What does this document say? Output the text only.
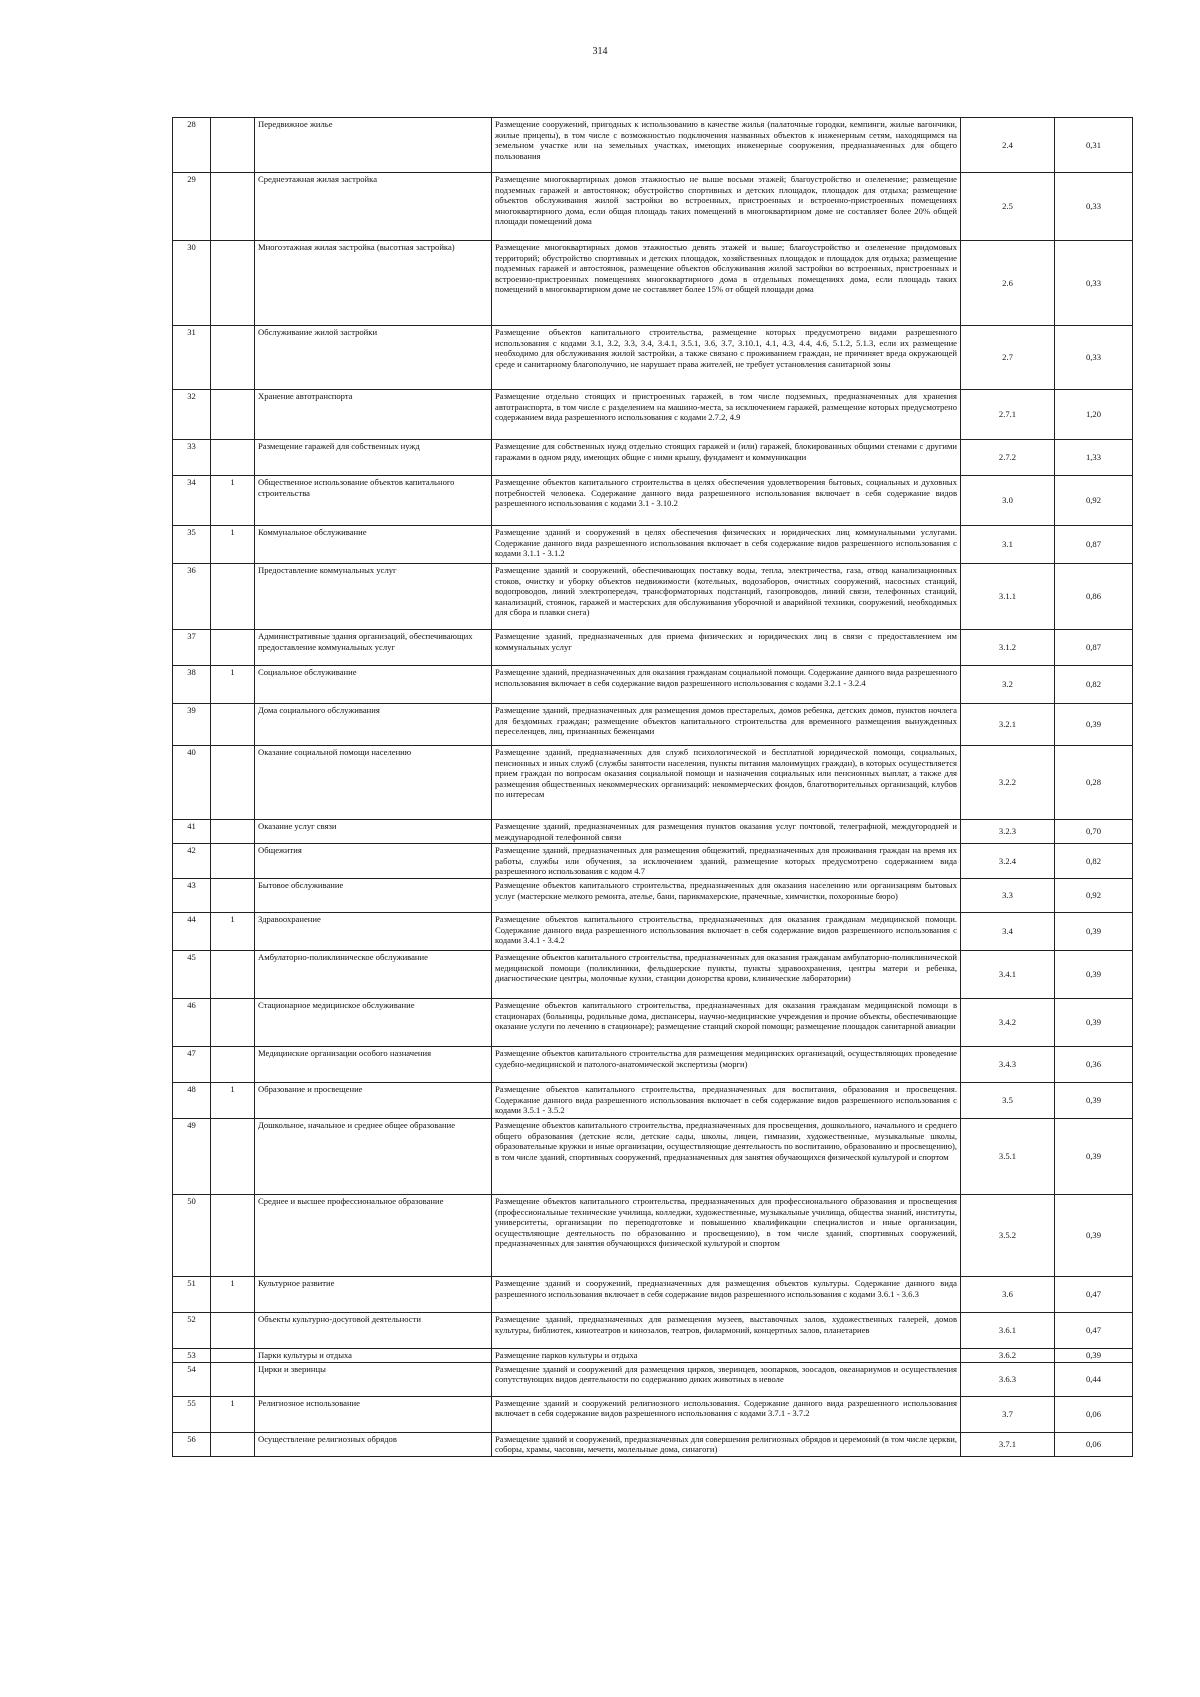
314
28		Передвижное жилье	Размещение сооружений, пригодных к использованию в качестве жилья (палаточные городки, кемпинги, жилые вагончики, жилые прицепы), в том числе с возможностью подключения названных объектов к инженерным сетям, находящимся на земельном участке или на земельных участках, имеющих инженерные сооружения, предназначенных для общего пользования	2.4	0,31
29		Среднеэтажная жилая застройка	Размещение многоквартирных домов этажностью не выше восьми этажей; благоустройство и озеленение; размещение подземных гаражей и автостоянок; обустройство спортивных и детских площадок, площадок для отдыха; размещение объектов обслуживания жилой застройки во встроенных, пристроенных и встроенно-пристроенных помещениях многоквартирного дома, если общая площадь таких помещений в многоквартирном доме не составляет более 20% общей площади помещений дома	2.5	0,33
30		Многоэтажная жилая застройка (высотная застройка)	Размещение многоквартирных домов этажностью девять этажей и выше; благоустройство и озеленение придомовых территорий; обустройство спортивных и детских площадок, хозяйственных площадок и площадок для отдыха; размещение подземных гаражей и автостоянок, размещение объектов обслуживания жилой застройки во встроенных, пристроенных и встроенно-пристроенных помещениях многоквартирного дома в отдельных помещениях дома, если площадь таких помещений в многоквартирном доме не составляет более 15% от общей площади дома	2.6	0,33
31		Обслуживание жилой застройки	Размещение объектов капитального строительства, размещение которых предусмотрено видами разрешенного использования с кодами 3.1, 3.2, 3.3, 3.4, 3.4.1, 3.5.1, 3.6, 3.7, 3.10.1, 4.1, 4.3, 4.4, 4.6, 5.1.2, 5.1.3, если их размещение необходимо для обслуживания жилой застройки, а также связано с проживанием граждан, не причиняет вреда окружающей среде и санитарному благополучию, не нарушает права жителей, не требует установления санитарной зоны	2.7	0,33
32		Хранение автотранспорта	Размещение отдельно стоящих и пристроенных гаражей, в том числе подземных, предназначенных для хранения автотранспорта, в том числе с разделением на машино-места, за исключением гаражей, размещение которых предусмотрено содержанием вида разрешенного использования с кодами 2.7.2, 4.9	2.7.1	1,20
33		Размещение гаражей для собственных нужд	Размещение для собственных нужд отдельно стоящих гаражей и (или) гаражей, блокированных общими стенами с другими гаражами в одном ряду, имеющих общие с ними крышу, фундамент и коммуникации	2.7.2	1,33
34	1	Общественное использование объектов капитального строительства	Размещение объектов капитального строительства в целях обеспечения удовлетворения бытовых, социальных и духовных потребностей человека. Содержание данного вида разрешенного использования включает в себя содержание видов разрешенного использования с кодами 3.1 - 3.10.2	3.0	0,92
35	1	Коммунальное обслуживание	Размещение зданий и сооружений в целях обеспечения физических и юридических лиц коммунальными услугами. Содержание данного вида разрешенного использования включает в себя содержание видов разрешенного использования с кодами 3.1.1 - 3.1.2	3.1	0,87
36		Предоставление коммунальных услуг	Размещение зданий и сооружений, обеспечивающих поставку воды, тепла, электричества, газа, отвод канализационных стоков, очистку и уборку объектов недвижимости (котельных, водозаборов, очистных сооружений, насосных станций, водопроводов, линий электропередач, трансформаторных подстанций, газопроводов, линий связи, телефонных станций, канализаций, стоянок, гаражей и мастерских для обслуживания уборочной и аварийной техники, сооружений, необходимых для сбора и плавки снега)	3.1.1	0,86
37		Административные здания организаций, обеспечивающих предоставление коммунальных услуг	Размещение зданий, предназначенных для приема физических и юридических лиц в связи с предоставлением им коммунальных услуг	3.1.2	0,87
38	1	Социальное обслуживание	Размещение зданий, предназначенных для оказания гражданам социальной помощи. Содержание данного вида разрешенного использования включает в себя содержание видов разрешенного использования с кодами 3.2.1 - 3.2.4	3.2	0,82
39		Дома социального обслуживания	Размещение зданий, предназначенных для размещения домов престарелых, домов ребенка, детских домов, пунктов ночлега для бездомных граждан; размещение объектов капитального строительства для временного размещения вынужденных переселенцев, лиц, признанных беженцами	3.2.1	0,39
40		Оказание социальной помощи населению	Размещение зданий, предназначенных для служб психологической и бесплатной юридической помощи, социальных, пенсионных и иных служб (службы занятости населения, пункты питания малоимущих граждан), в которых осуществляется прием граждан по вопросам оказания социальной помощи и назначения социальных или пенсионных выплат, а также для размещения общественных некоммерческих организаций: некоммерческих фондов, благотворительных организаций, клубов по интересам	3.2.2	0,28
41		Оказание услуг связи	Размещение зданий, предназначенных для размещения пунктов оказания услуг почтовой, телеграфной, междугородней и международной телефонной связи	3.2.3	0,70
42		Общежития	Размещение зданий, предназначенных для размещения общежитий, предназначенных для проживания граждан на время их работы, службы или обучения, за исключением зданий, размещение которых предусмотрено содержанием вида разрешенного использования с кодом 4.7	3.2.4	0,82
43		Бытовое обслуживание	Размещение объектов капитального строительства, предназначенных для оказания населению или организациям бытовых услуг (мастерские мелкого ремонта, ателье, бани, парикмахерские, прачечные, химчистки, похоронные бюро)	3.3	0,92
44	1	Здравоохранение	Размещение объектов капитального строительства, предназначенных для оказания гражданам медицинской помощи. Содержание данного вида разрешенного использования включает в себя содержание видов разрешенного использования с кодами 3.4.1 - 3.4.2	3.4	0,39
45		Амбулаторно-поликлиническое обслуживание	Размещение объектов капитального строительства, предназначенных для оказания гражданам амбулаторно-поликлинической медицинской помощи (поликлиники, фельдшерские пункты, пункты здравоохранения, центры матери и ребенка, диагностические центры, молочные кухни, станции донорства крови, клинические лаборатории)	3.4.1	0,39
46		Стационарное медицинское обслуживание	Размещение объектов капитального строительства, предназначенных для оказания гражданам медицинской помощи в стационарах (больницы, родильные дома, диспансеры, научно-медицинские учреждения и прочие объекты, обеспечивающие оказание услуги по лечению в стационаре); размещение станций скорой помощи; размещение площадок санитарной авиации	3.4.2	0,39
47		Медицинские организации особого назначения	Размещение объектов капитального строительства для размещения медицинских организаций, осуществляющих проведение судебно-медицинской и патолого-анатомической экспертизы (морги)	3.4.3	0,36
48	1	Образование и просвещение	Размещение объектов капитального строительства, предназначенных для воспитания, образования и просвещения. Содержание данного вида разрешенного использования включает в себя содержание видов разрешенного использования с кодами 3.5.1 - 3.5.2	3.5	0,39
49		Дошкольное, начальное и среднее общее образование	Размещение объектов капитального строительства, предназначенных для просвещения, дошкольного, начального и среднего общего образования (детские ясли, детские сады, школы, лицеи, гимназии, художественные, музыкальные школы, образовательные кружки и иные организации, осуществляющие деятельность по воспитанию, образованию и просвещению), в том числе зданий, спортивных сооружений, предназначенных для занятия обучающихся физической культурой и спортом	3.5.1	0,39
50		Среднее и высшее профессиональное образование	Размещение объектов капитального строительства, предназначенных для профессионального образования и просвещения (профессиональные технические училища, колледжи, художественные, музыкальные училища, общества знаний, институты, университеты, организации по переподготовке и повышению квалификации специалистов и иные организации, осуществляющие деятельность по образованию и просвещению), в том числе зданий, спортивных сооружений, предназначенных для занятия обучающихся физической культурой и спортом	3.5.2	0,39
51	1	Культурное развитие	Размещение зданий и сооружений, предназначенных для размещения объектов культуры. Содержание данного вида разрешенного использования включает в себя содержание видов разрешенного использования с кодами 3.6.1 - 3.6.3	3.6	0,47
52		Объекты культурно-досуговой деятельности	Размещение зданий, предназначенных для размещения музеев, выставочных залов, художественных галерей, домов культуры, библиотек, кинотеатров и кинозалов, театров, филармоний, концертных залов, планетариев	3.6.1	0,47
53		Парки культуры и отдыха	Размещение парков культуры и отдыха	3.6.2	0,39
54		Цирки и зверинцы	Размещение зданий и сооружений для размещения цирков, зверинцев, зоопарков, зоосадов, океанариумов и осуществления сопутствующих видов деятельности по содержанию диких животных в неволе	3.6.3	0,44
55	1	Религиозное использование	Размещение зданий и сооружений религиозного использования. Содержание данного вида разрешенного использования включает в себя содержание видов разрешенного использования с кодами 3.7.1 - 3.7.2	3.7	0,06
56		Осуществление религиозных обрядов	Размещение зданий и сооружений, предназначенных для совершения религиозных обрядов и церемоний (в том числе церкви, соборы, храмы, часовни, мечети, молельные дома, синагоги)	3.7.1	0,06
